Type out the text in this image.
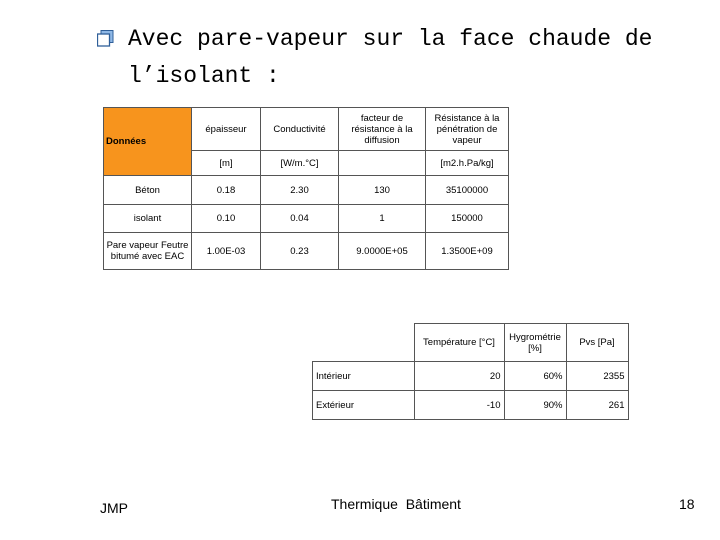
Avec pare-vapeur sur la face chaude de
l’isolant :
Données	épaisseur	Conductivité	facteur de résistance à la diffusion	Résistance à la pénétration de vapeur
	[m]	[W/m.°C]		[m2.h.Pa/kg]
Béton	0.18	2.30	130	35100000
isolant	0.10	0.04	1	150000
Pare vapeur Feutre bitumé avec EAC	1.00E-03	0.23	9.0000E+05	1.3500E+09
	Température [°C]	Hygrométrie [%]	Pvs [Pa]
Intérieur	20	60%	2355
Extérieur	-10	90%	261
JMP	Thermique  Bâtiment	18
